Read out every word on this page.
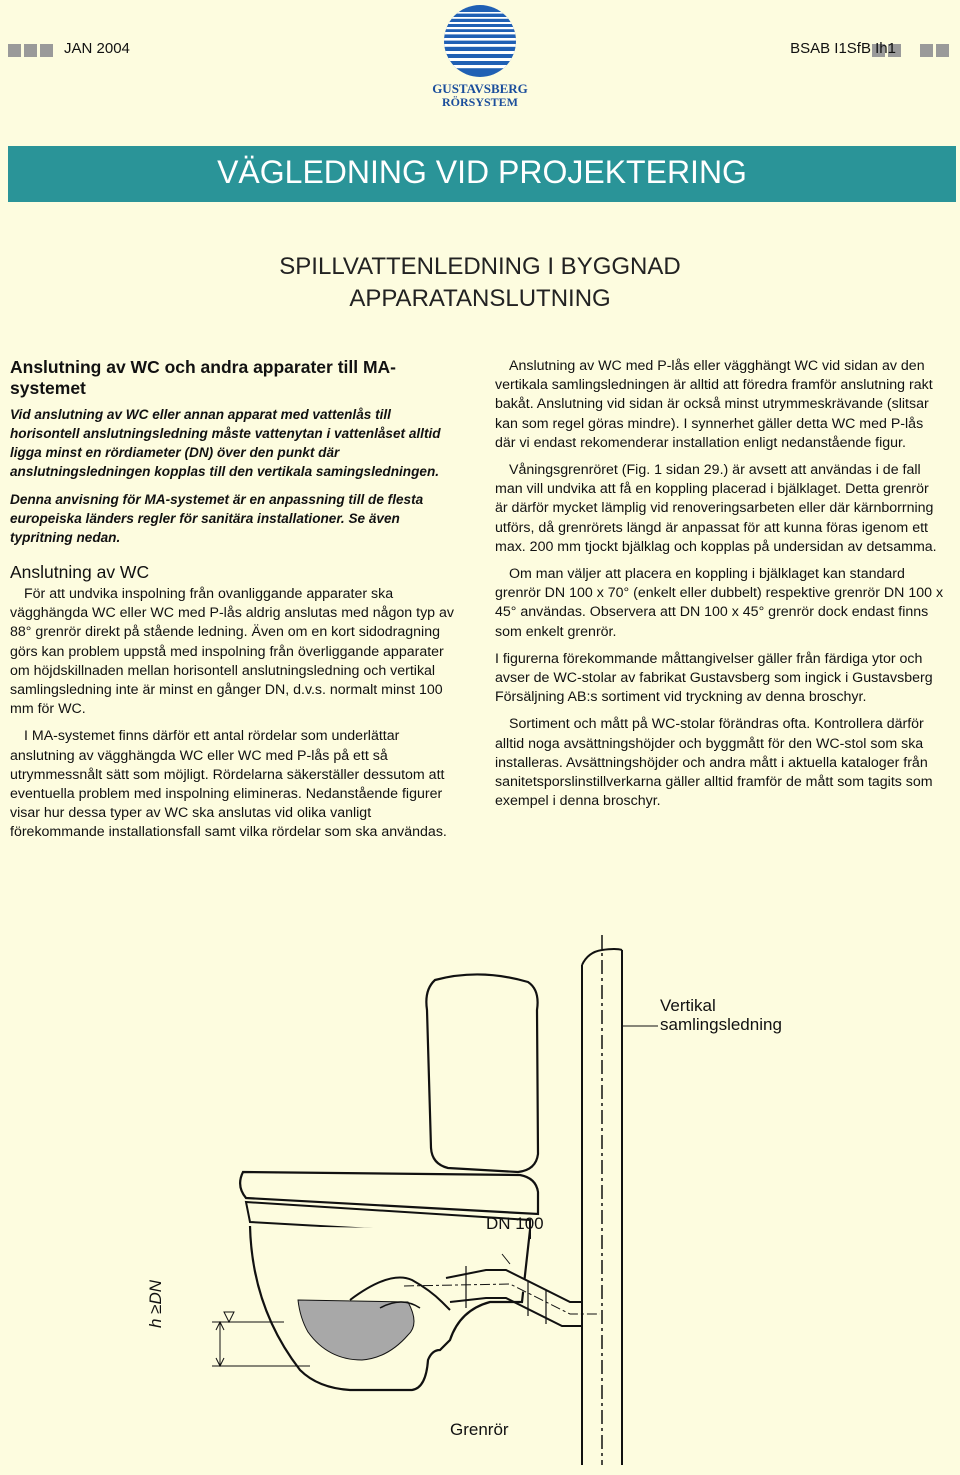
JAN 2004	BSAB I1SfB Ih1
GUSTAVSBERG
RÖRSYSTEM
VÄGLEDNING VID PROJEKTERING
SPILLVATTENLEDNING I BYGGNAD
APPARATANSLUTNING
Anslutning av WC och andra apparater till MA-systemet

Vid anslutning av WC eller annan apparat med vattenlås till horisontell anslutningsledning måste vattenytan i vattenlåset alltid ligga minst en rördiameter (DN) över den punkt där anslutningsledningen kopplas till den vertikala samingsledningen.

Denna anvisning för MA-systemet är en anpassning till de flesta europeiska länders regler för sanitära installationer. Se även typritning nedan.

Anslutning av WC

För att undvika inspolning från ovanliggande apparater ska vägghängda WC eller WC med P-lås aldrig anslutas med någon typ av 88° grenrör direkt på stående ledning. Även om en kort sidodragning görs kan problem uppstå med inspolning från överliggande apparater om höjdskillnaden mellan horisontell anslutningsledning och vertikal samlingsledning inte är minst en gånger DN, d.v.s. normalt minst 100 mm för WC.

I MA-systemet finns därför ett antal rördelar som underlättar anslutning av vägghängda WC eller WC med P-lås på ett så utrymmessnålt sätt som möjligt. Rördelarna säkerställer dessutom att eventuella problem med inspolning elimineras. Nedanstående figurer visar hur dessa typer av WC ska anslutas vid olika vanligt förekommande installationsfall samt vilka rördelar som ska användas.

Anslutning av WC med P-lås eller vägghängt WC vid sidan av den vertikala samlingsledningen är alltid att föredra framför anslutning rakt bakåt. Anslutning vid sidan är också minst utrymmeskrävande (slitsar kan som regel göras mindre). I synnerhet gäller detta WC med P-lås där vi endast rekomenderar installation enligt nedanstående figur.

Våningsgrenröret (Fig. 1 sidan 29.) är avsett att användas i de fall man vill undvika att få en koppling placerad i bjälklaget. Detta grenrör är därför mycket lämplig vid renoveringsarbeten eller där kärnborrning utförs, då grenrörets längd är anpassat för att kunna föras igenom ett max. 200 mm tjockt bjälklag och kopplas på undersidan av detsamma.

Om man väljer att placera en koppling i bjälklaget kan standard grenrör DN 100 x 70° (enkelt eller dubbelt) respektive grenrör DN 100 x 45° användas. Observera att DN 100 x 45° grenrör dock endast finns som enkelt grenrör.

I figurerna förekommande måttangivelser gäller från färdiga ytor och avser de WC-stolar av fabrikat Gustavsberg som ingick i Gustavsberg Försäljning AB:s sortiment vid tryckning av denna broschyr.

Sortiment och mått på WC-stolar förändras ofta. Kontrollera därför alltid noga avsättningshöjder och byggmått för den WC-stol som ska installeras. Avsättningshöjder och andra mått i aktuella kataloger från sanitetsporslinstillverkarna gäller alltid framför de mått som tagits som exempel i denna broschyr.

Vertikal samlingsledning
DN 100
Grenrör
h ≥DN
